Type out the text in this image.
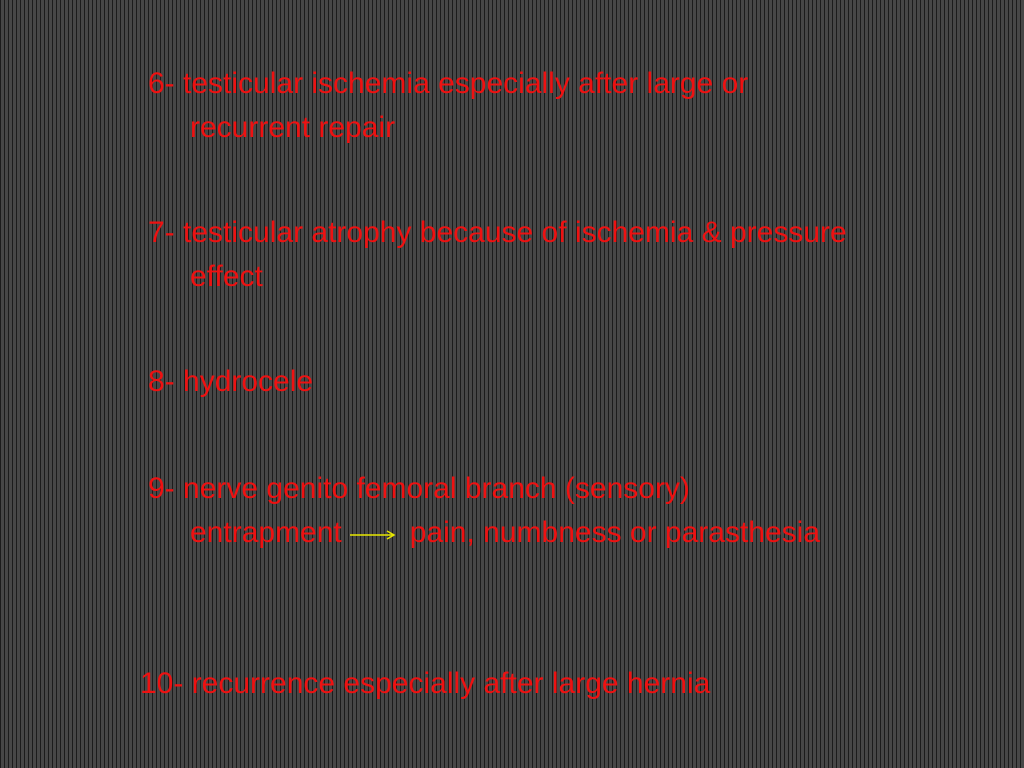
6- testicular ischemia especially after large or
recurrent repair
7- testicular atrophy because of ischemia & pressure
effect
8- hydrocele
9- nerve genito femoral branch (sensory)
entrapment pain, numbness or parasthesia
10- recurrence especially after large hernia
